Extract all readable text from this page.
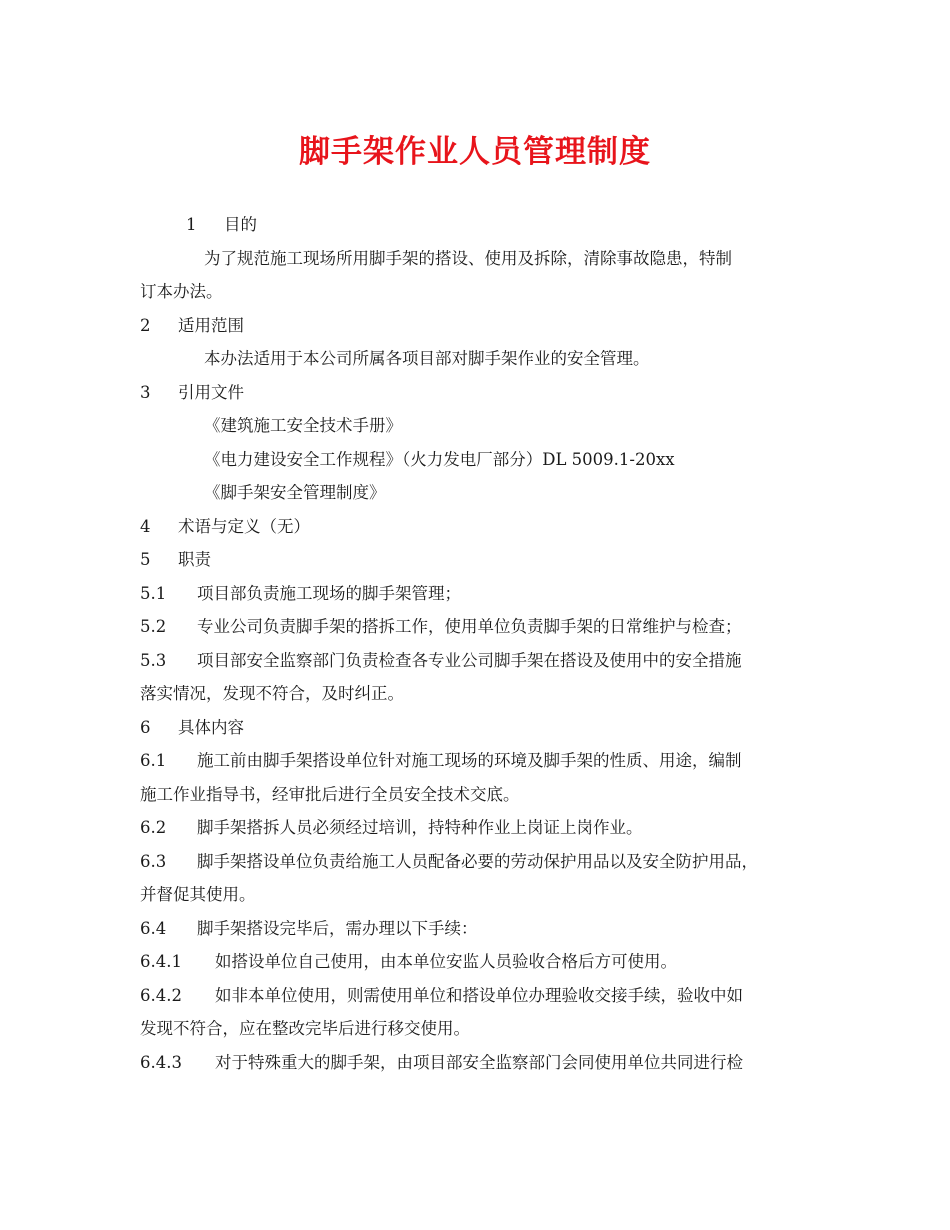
脚手架作业人员管理制度
1 目的
为了规范施工现场所用脚手架的搭设、使用及拆除，清除事故隐患，特制
订本办法。
2 适用范围
本办法适用于本公司所属各项目部对脚手架作业的安全管理。
3 引用文件
《建筑施工安全技术手册》
《电力建设安全工作规程》（火力发电厂部分）DL 5009.1-20xx
《脚手架安全管理制度》
4 术语与定义（无）
5 职责
5.1 项目部负责施工现场的脚手架管理；
5.2 专业公司负责脚手架的搭拆工作，使用单位负责脚手架的日常维护与检查；
5.3 项目部安全监察部门负责检查各专业公司脚手架在搭设及使用中的安全措施
落实情况，发现不符合，及时纠正。
6 具体内容
6.1 施工前由脚手架搭设单位针对施工现场的环境及脚手架的性质、用途，编制
施工作业指导书，经审批后进行全员安全技术交底。
6.2 脚手架搭拆人员必须经过培训，持特种作业上岗证上岗作业。
6.3 脚手架搭设单位负责给施工人员配备必要的劳动保护用品以及安全防护用品，
并督促其使用。
6.4 脚手架搭设完毕后，需办理以下手续：
6.4.1 如搭设单位自己使用，由本单位安监人员验收合格后方可使用。
6.4.2 如非本单位使用，则需使用单位和搭设单位办理验收交接手续，验收中如
发现不符合，应在整改完毕后进行移交使用。
6.4.3 对于特殊重大的脚手架，由项目部安全监察部门会同使用单位共同进行检
